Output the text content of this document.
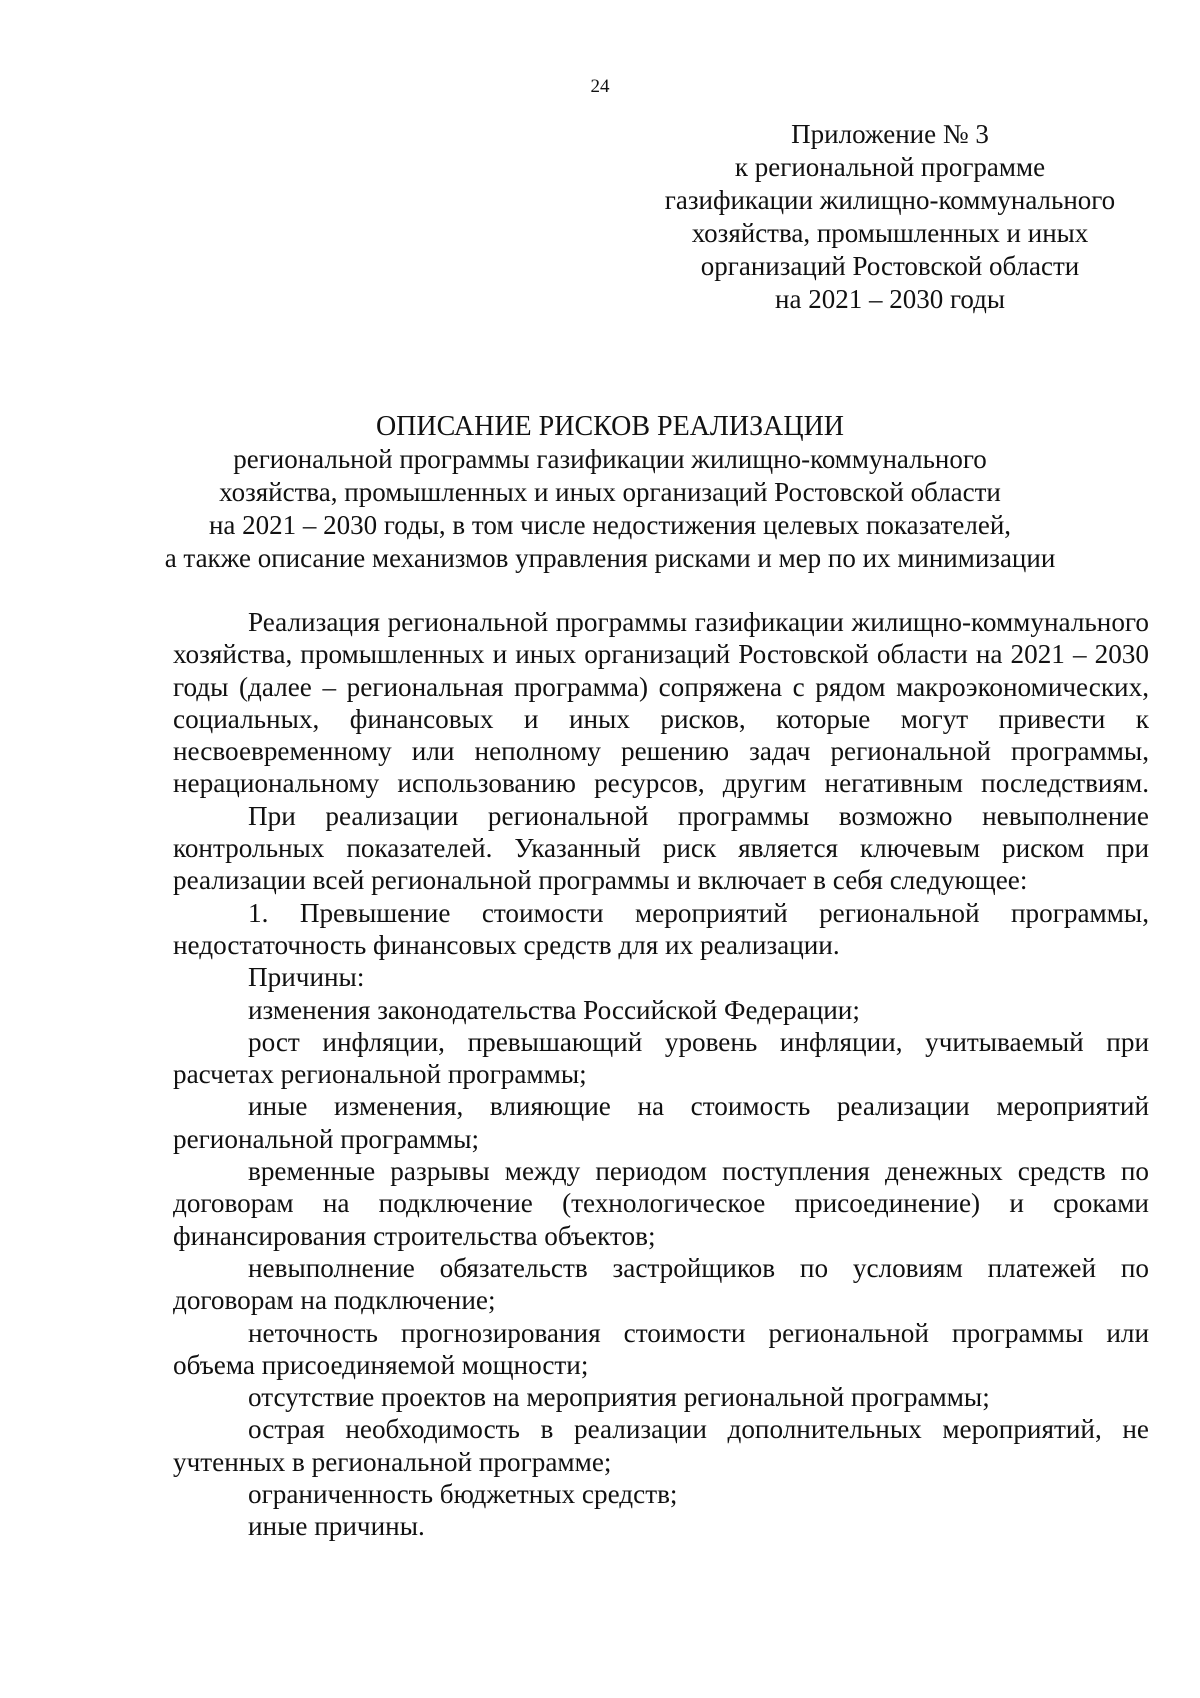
24
Приложение № 3
к региональной программе
газификации жилищно-коммунального
хозяйства, промышленных и иных
организаций Ростовской области
на 2021 – 2030 годы
ОПИСАНИЕ РИСКОВ РЕАЛИЗАЦИИ
региональной программы газификации жилищно-коммунального
хозяйства, промышленных и иных организаций Ростовской области
на 2021 – 2030 годы, в том числе недостижения целевых показателей,
а также описание механизмов управления рисками и мер по их минимизации

Реализация региональной программы газификации жилищно-коммунального хозяйства, промышленных и иных организаций Ростовской области на 2021 – 2030 годы (далее – региональная программа) сопряжена с рядом макроэкономических, социальных, финансовых и иных рисков, которые могут привести к несвоевременному или неполному решению задач региональной программы, нерациональному использованию ресурсов, другим негативным последствиям.

При реализации региональной программы возможно невыполнение контрольных показателей. Указанный риск является ключевым риском при реализации всей региональной программы и включает в себя следующее:

1. Превышение стоимости мероприятий региональной программы, недостаточность финансовых средств для их реализации.

Причины:

изменения законодательства Российской Федерации;

рост инфляции, превышающий уровень инфляции, учитываемый при расчетах региональной программы;

иные изменения, влияющие на стоимость реализации мероприятий региональной программы;

временные разрывы между периодом поступления денежных средств по договорам на подключение (технологическое присоединение) и сроками финансирования строительства объектов;

невыполнение обязательств застройщиков по условиям платежей по договорам на подключение;

неточность прогнозирования стоимости региональной программы или объема присоединяемой мощности;

отсутствие проектов на мероприятия региональной программы;

острая необходимость в реализации дополнительных мероприятий, не учтенных в региональной программе;

ограниченность бюджетных средств;

иные причины.
